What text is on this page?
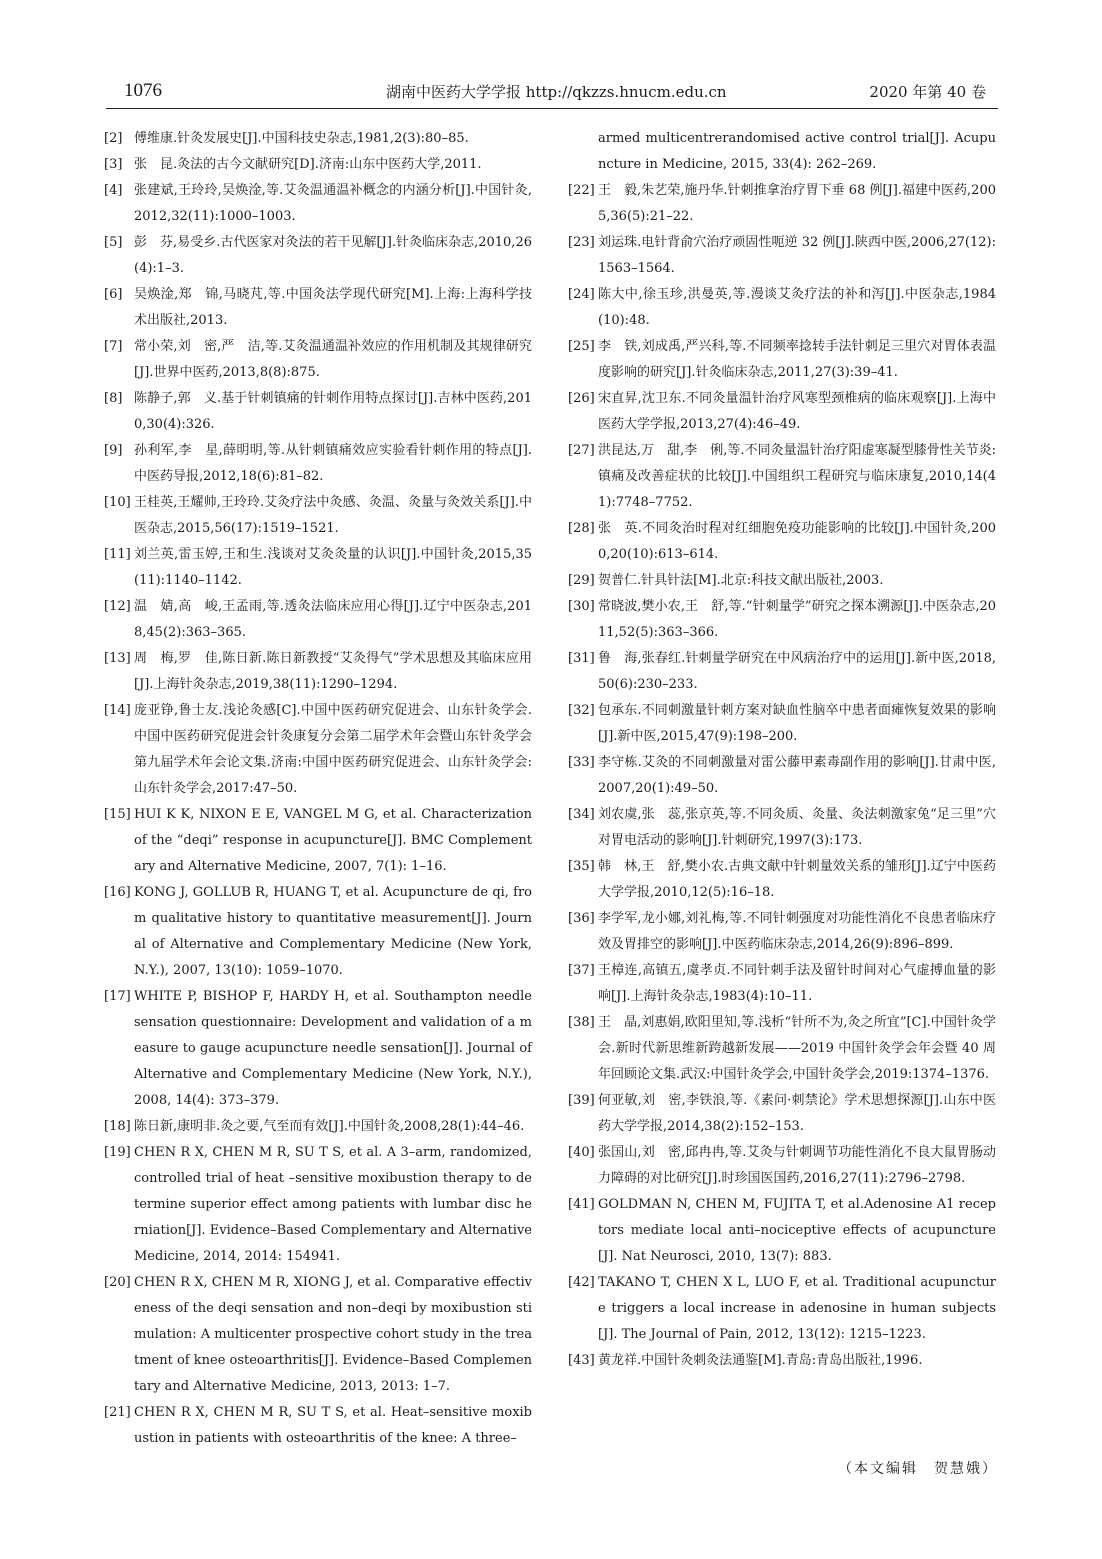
1076	湖南中医药大学学报 http://qkzzs.hnucm.edu.cn	2020 年第 40 卷
[2] 傅维康.针灸发展史[J].中国科技史杂志,1981,2(3):80–85.
[3] 张　昆.灸法的古今文献研究[D].济南:山东中医药大学,2011.
[4] 张建斌,王玲玲,吴焕淦,等.艾灸温通温补概念的内涵分析[J].中国针灸,2012,32(11):1000–1003.
[5] 彭　芬,易受乡.古代医家对灸法的若干见解[J].针灸临床杂志,2010,26(4):1–3.
[6] 吴焕淦,郑　锦,马晓芃,等.中国灸法学现代研究[M].上海:上海科学技术出版社,2013.
[7] 常小荣,刘　密,严　洁,等.艾灸温通温补效应的作用机制及其规律研究[J].世界中医药,2013,8(8):875.
[8] 陈静子,郭　义.基于针刺镇痛的针刺作用特点探讨[J].吉林中医药,2010,30(4):326.
[9] 孙利军,李　星,薛明明,等.从针刺镇痛效应实验看针刺作用的特点[J].中医药导报,2012,18(6):81–82.
[10] 王桂英,王耀帅,王玲玲.艾灸疗法中灸感、灸温、灸量与灸效关系[J].中医杂志,2015,56(17):1519–1521.
[11] 刘兰英,雷玉婷,王和生.浅谈对艾灸灸量的认识[J].中国针灸,2015,35(11):1140–1142.
[12] 温　婧,高　峻,王孟雨,等.透灸法临床应用心得[J].辽宁中医杂志,2018,45(2):363–365.
[13] 周　梅,罗　佳,陈日新.陈日新教授“艾灸得气”学术思想及其临床应用[J].上海针灸杂志,2019,38(11):1290–1294.
[14] 庞亚铮,鲁士友.浅论灸感[C].中国中医药研究促进会、山东针灸学会.中国中医药研究促进会针灸康复分会第二届学术年会暨山东针灸学会第九届学术年会论文集.济南:中国中医药研究促进会、山东针灸学会:山东针灸学会,2017:47–50.
[15] HUI K K, NIXON E E, VANGEL M G, et al. Characterization of the “deqi” response in acupuncture[J]. BMC Complementary and Alternative Medicine, 2007, 7(1): 1–16.
[16] KONG J, GOLLUB R, HUANG T, et al. Acupuncture de qi, from qualitative history to quantitative measurement[J]. Journal of Alternative and Complementary Medicine (New York, N.Y.), 2007, 13(10): 1059–1070.
[17] WHITE P, BISHOP F, HARDY H, et al. Southampton needle sensation questionnaire: Development and validation of a measure to gauge acupuncture needle sensation[J]. Journal of Alternative and Complementary Medicine (New York, N.Y.), 2008, 14(4): 373–379.
[18] 陈日新,康明非.灸之要,气至而有效[J].中国针灸,2008,28(1):44–46.
[19] CHEN R X, CHEN M R, SU T S, et al. A 3–arm, randomized, controlled trial of heat –sensitive moxibustion therapy to determine superior effect among patients with lumbar disc herniation[J]. Evidence–Based Complementary and Alternative Medicine, 2014, 2014: 154941.
[20] CHEN R X, CHEN M R, XIONG J, et al. Comparative effectiveness of the deqi sensation and non–deqi by moxibustion stimulation: A multicenter prospective cohort study in the treatment of knee osteoarthritis[J]. Evidence–Based Complementary and Alternative Medicine, 2013, 2013: 1–7.
[21] CHEN R X, CHEN M R, SU T S, et al. Heat–sensitive moxibustion in patients with osteoarthritis of the knee: A three–
armed multicentrerandomised active control trial[J]. Acupuncture in Medicine, 2015, 33(4): 262–269.
[22] 王　毅,朱艺荣,施丹华.针刺推拿治疗胃下垂 68 例[J].福建中医药,2005,36(5):21–22.
[23] 刘运珠.电针背俞穴治疗顽固性呃逆 32 例[J].陕西中医,2006,27(12):1563–1564.
[24] 陈大中,徐玉珍,洪曼英,等.漫谈艾灸疗法的补和泻[J].中医杂志,1984(10):48.
[25] 李　铁,刘成禹,严兴科,等.不同频率捻转手法针刺足三里穴对胃体表温度影响的研究[J].针灸临床杂志,2011,27(3):39–41.
[26] 宋直昇,沈卫东.不同灸量温针治疗风寒型颈椎病的临床观察[J].上海中医药大学学报,2013,27(4):46–49.
[27] 洪昆达,万　甜,李　俐,等.不同灸量温针治疗阳虚寒凝型膝骨性关节炎:镇痛及改善症状的比较[J].中国组织工程研究与临床康复,2010,14(41):7748–7752.
[28] 张　英.不同灸治时程对红细胞免疫功能影响的比较[J].中国针灸,2000,20(10):613–614.
[29] 贺普仁.针具针法[M].北京:科技文献出版社,2003.
[30] 常晓波,樊小农,王　舒,等.“针刺量学”研究之探本溯源[J].中医杂志,2011,52(5):363–366.
[31] 鲁　海,张春红.针刺量学研究在中风病治疗中的运用[J].新中医,2018,50(6):230–233.
[32] 包承东.不同刺激量针刺方案对缺血性脑卒中患者面瘫恢复效果的影响[J].新中医,2015,47(9):198–200.
[33] 李守栋.艾灸的不同刺激量对雷公藤甲素毒副作用的影响[J].甘肃中医,2007,20(1):49–50.
[34] 刘农虞,张　蕊,张京英,等.不同灸质、灸量、灸法刺激家兔“足三里”穴对胃电活动的影响[J].针刺研究,1997(3):173.
[35] 韩　林,王　舒,樊小农.古典文献中针刺量效关系的雏形[J].辽宁中医药大学学报,2010,12(5):16–18.
[36] 李学军,龙小娜,刘礼梅,等.不同针刺强度对功能性消化不良患者临床疗效及胃排空的影响[J].中医药临床杂志,2014,26(9):896–899.
[37] 王樟连,高镇五,虞孝贞.不同针刺手法及留针时间对心气虚搏血量的影响[J].上海针灸杂志,1983(4):10–11.
[38] 王　晶,刘惠娟,欧阳里知,等.浅析“针所不为,灸之所宜”[C].中国针灸学会.新时代新思维新跨越新发展——2019 中国针灸学会年会暨 40 周年回顾论文集.武汉:中国针灸学会,中国针灸学会,2019:1374–1376.
[39] 何亚敏,刘　密,李铁浪,等.《素问·刺禁论》学术思想探源[J].山东中医药大学学报,2014,38(2):152–153.
[40] 张国山,刘　密,邱冉冉,等.艾灸与针刺调节功能性消化不良大鼠胃肠动力障碍的对比研究[J].时珍国医国药,2016,27(11):2796–2798.
[41] GOLDMAN N, CHEN M, FUJITA T, et al.Adenosine A1 receptors mediate local anti–nociceptive effects of acupuncture[J]. Nat Neurosci, 2010, 13(7): 883.
[42] TAKANO T, CHEN X L, LUO F, et al. Traditional acupuncture triggers a local increase in adenosine in human subjects[J]. The Journal of Pain, 2012, 13(12): 1215–1223.
[43] 黄龙祥.中国针灸刺灸法通鉴[M].青岛:青岛出版社,1996.
（本文编辑　贺慧娥）
